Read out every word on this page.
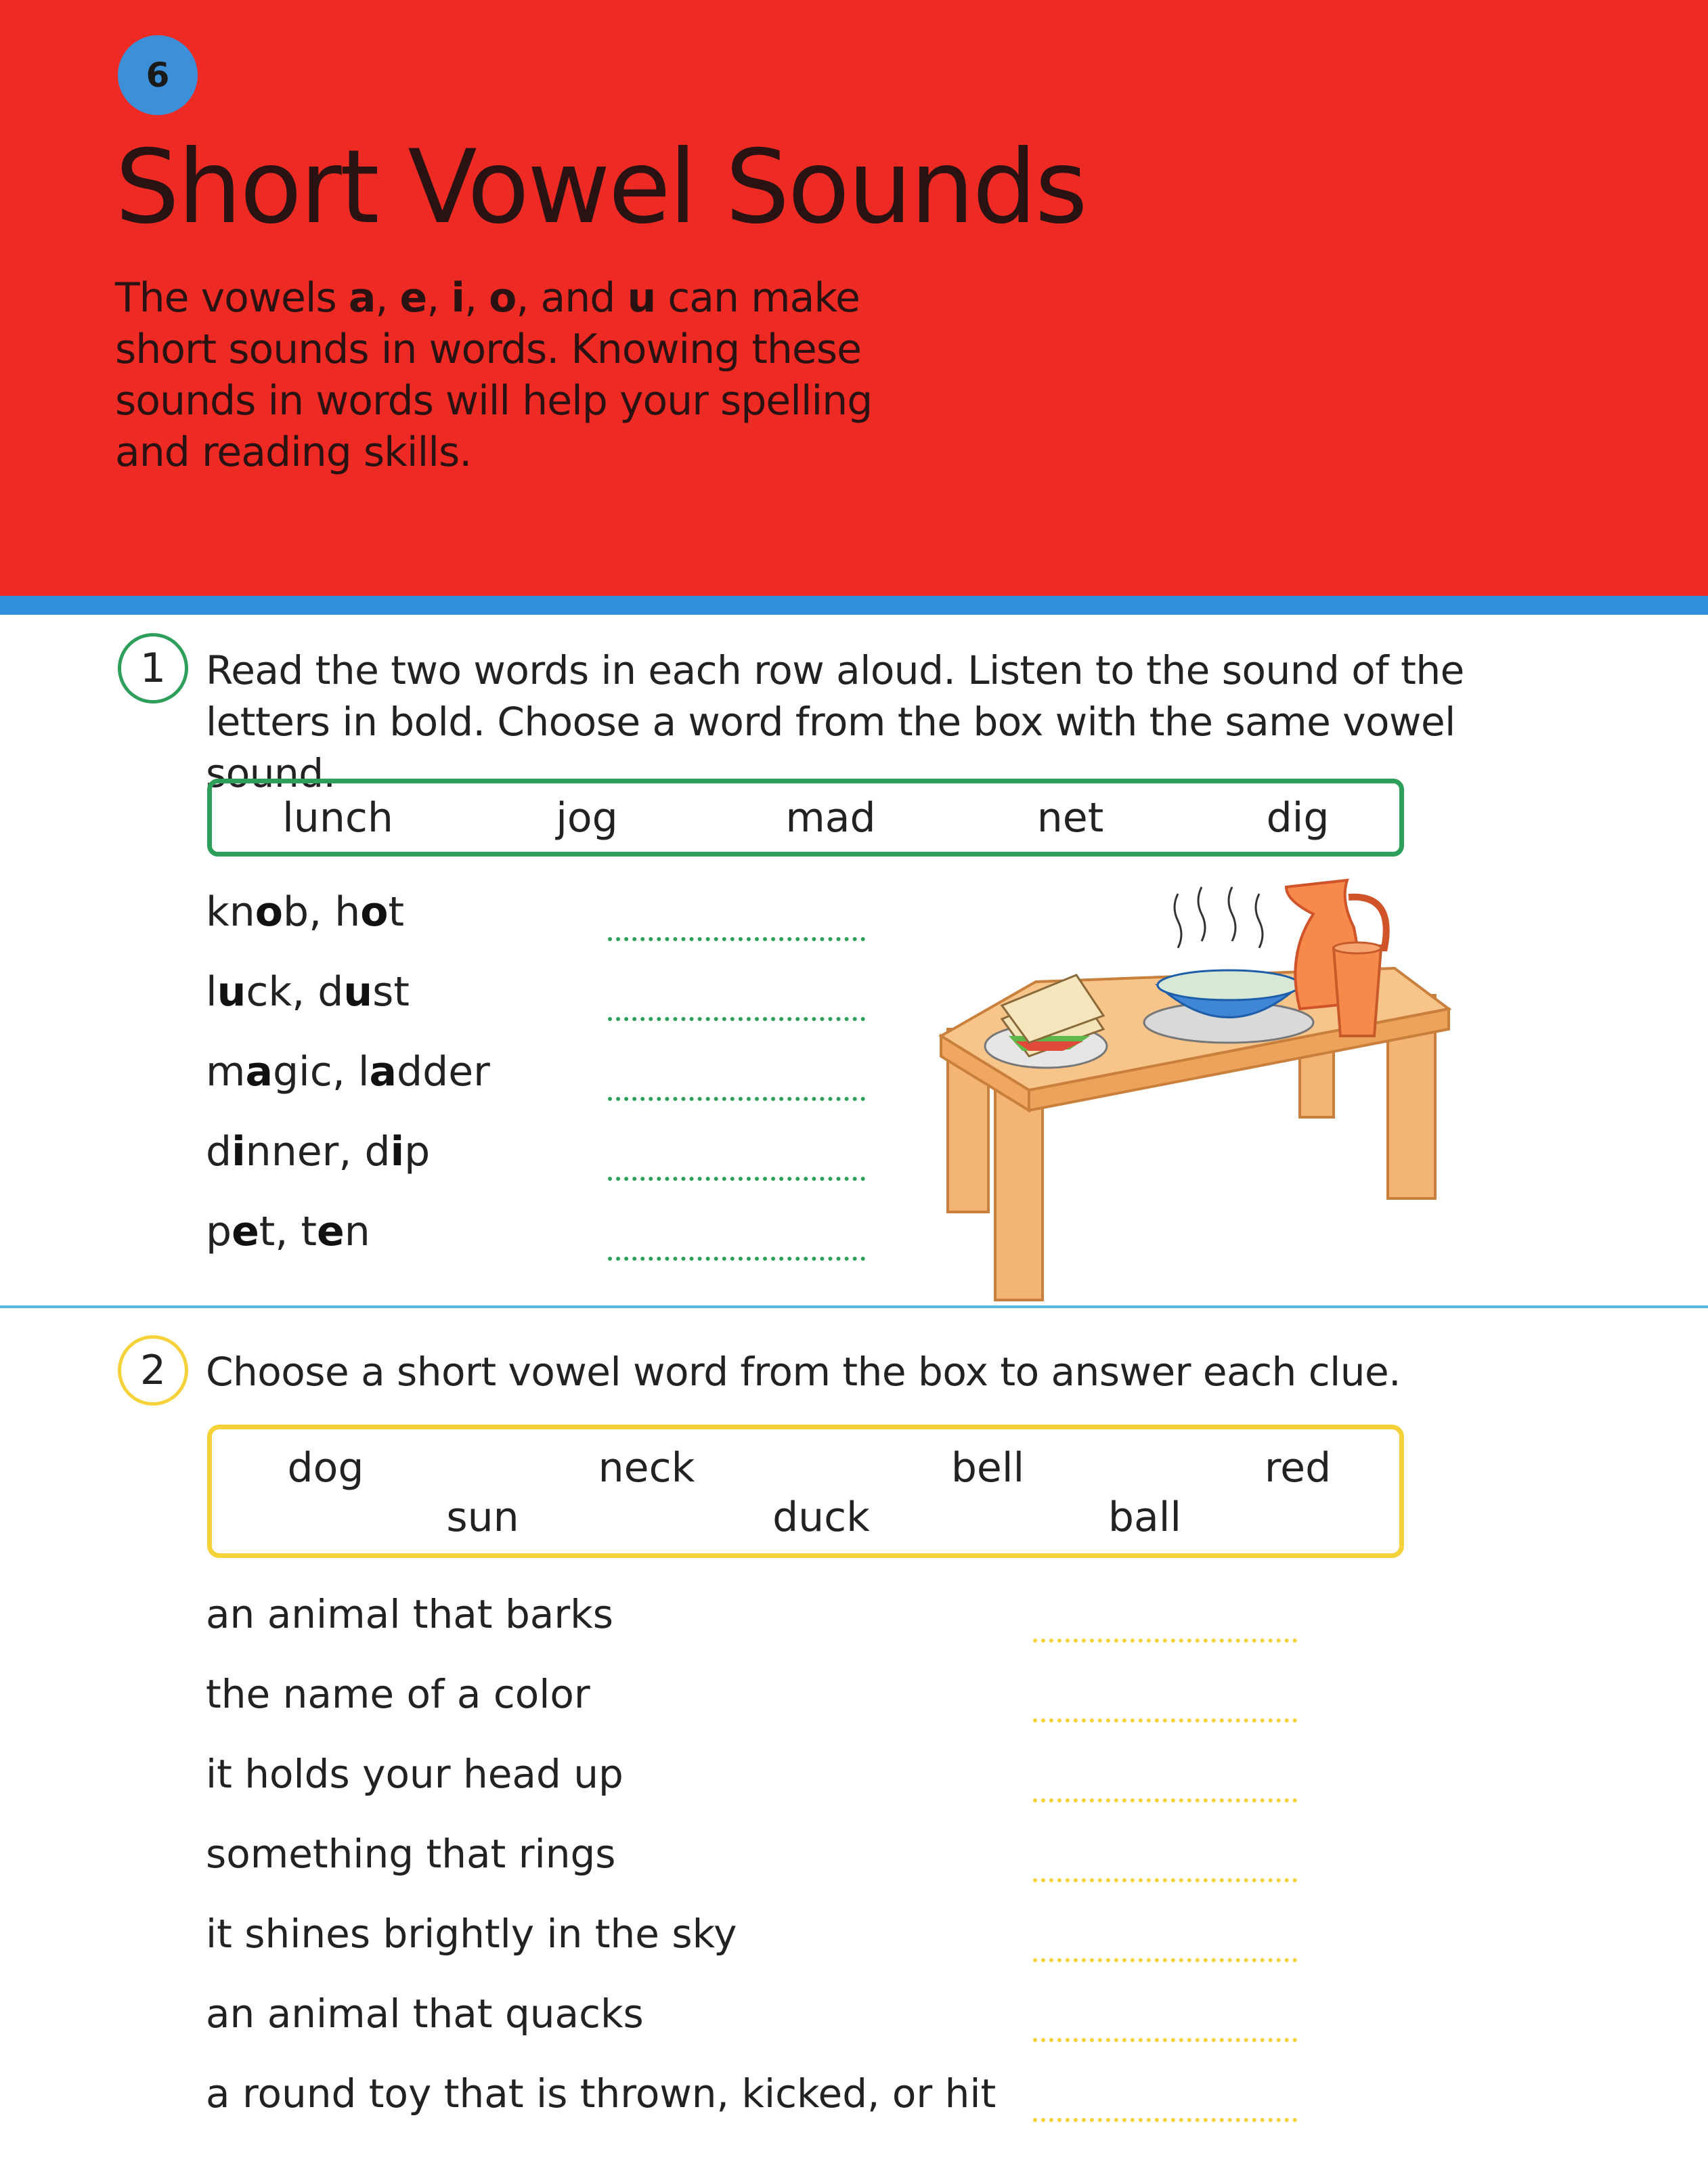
6
Short Vowel Sounds
The vowels a, e, i, o, and u can make short sounds in words. Knowing these sounds in words will help your spelling and reading skills.
1	Read the two words in each row aloud. Listen to the sound of the letters in bold. Choose a word from the box with the same vowel sound.
lunch	jog	mad	net	dig
knob, hot
luck, dust
magic, ladder
dinner, dip
pet, ten
2	Choose a short vowel word from the box to answer each clue.
dog	neck	bell	red
sun	duck	ball
an animal that barks
the name of a color
it holds your head up
something that rings
it shines brightly in the sky
an animal that quacks
a round toy that is thrown, kicked, or hit
